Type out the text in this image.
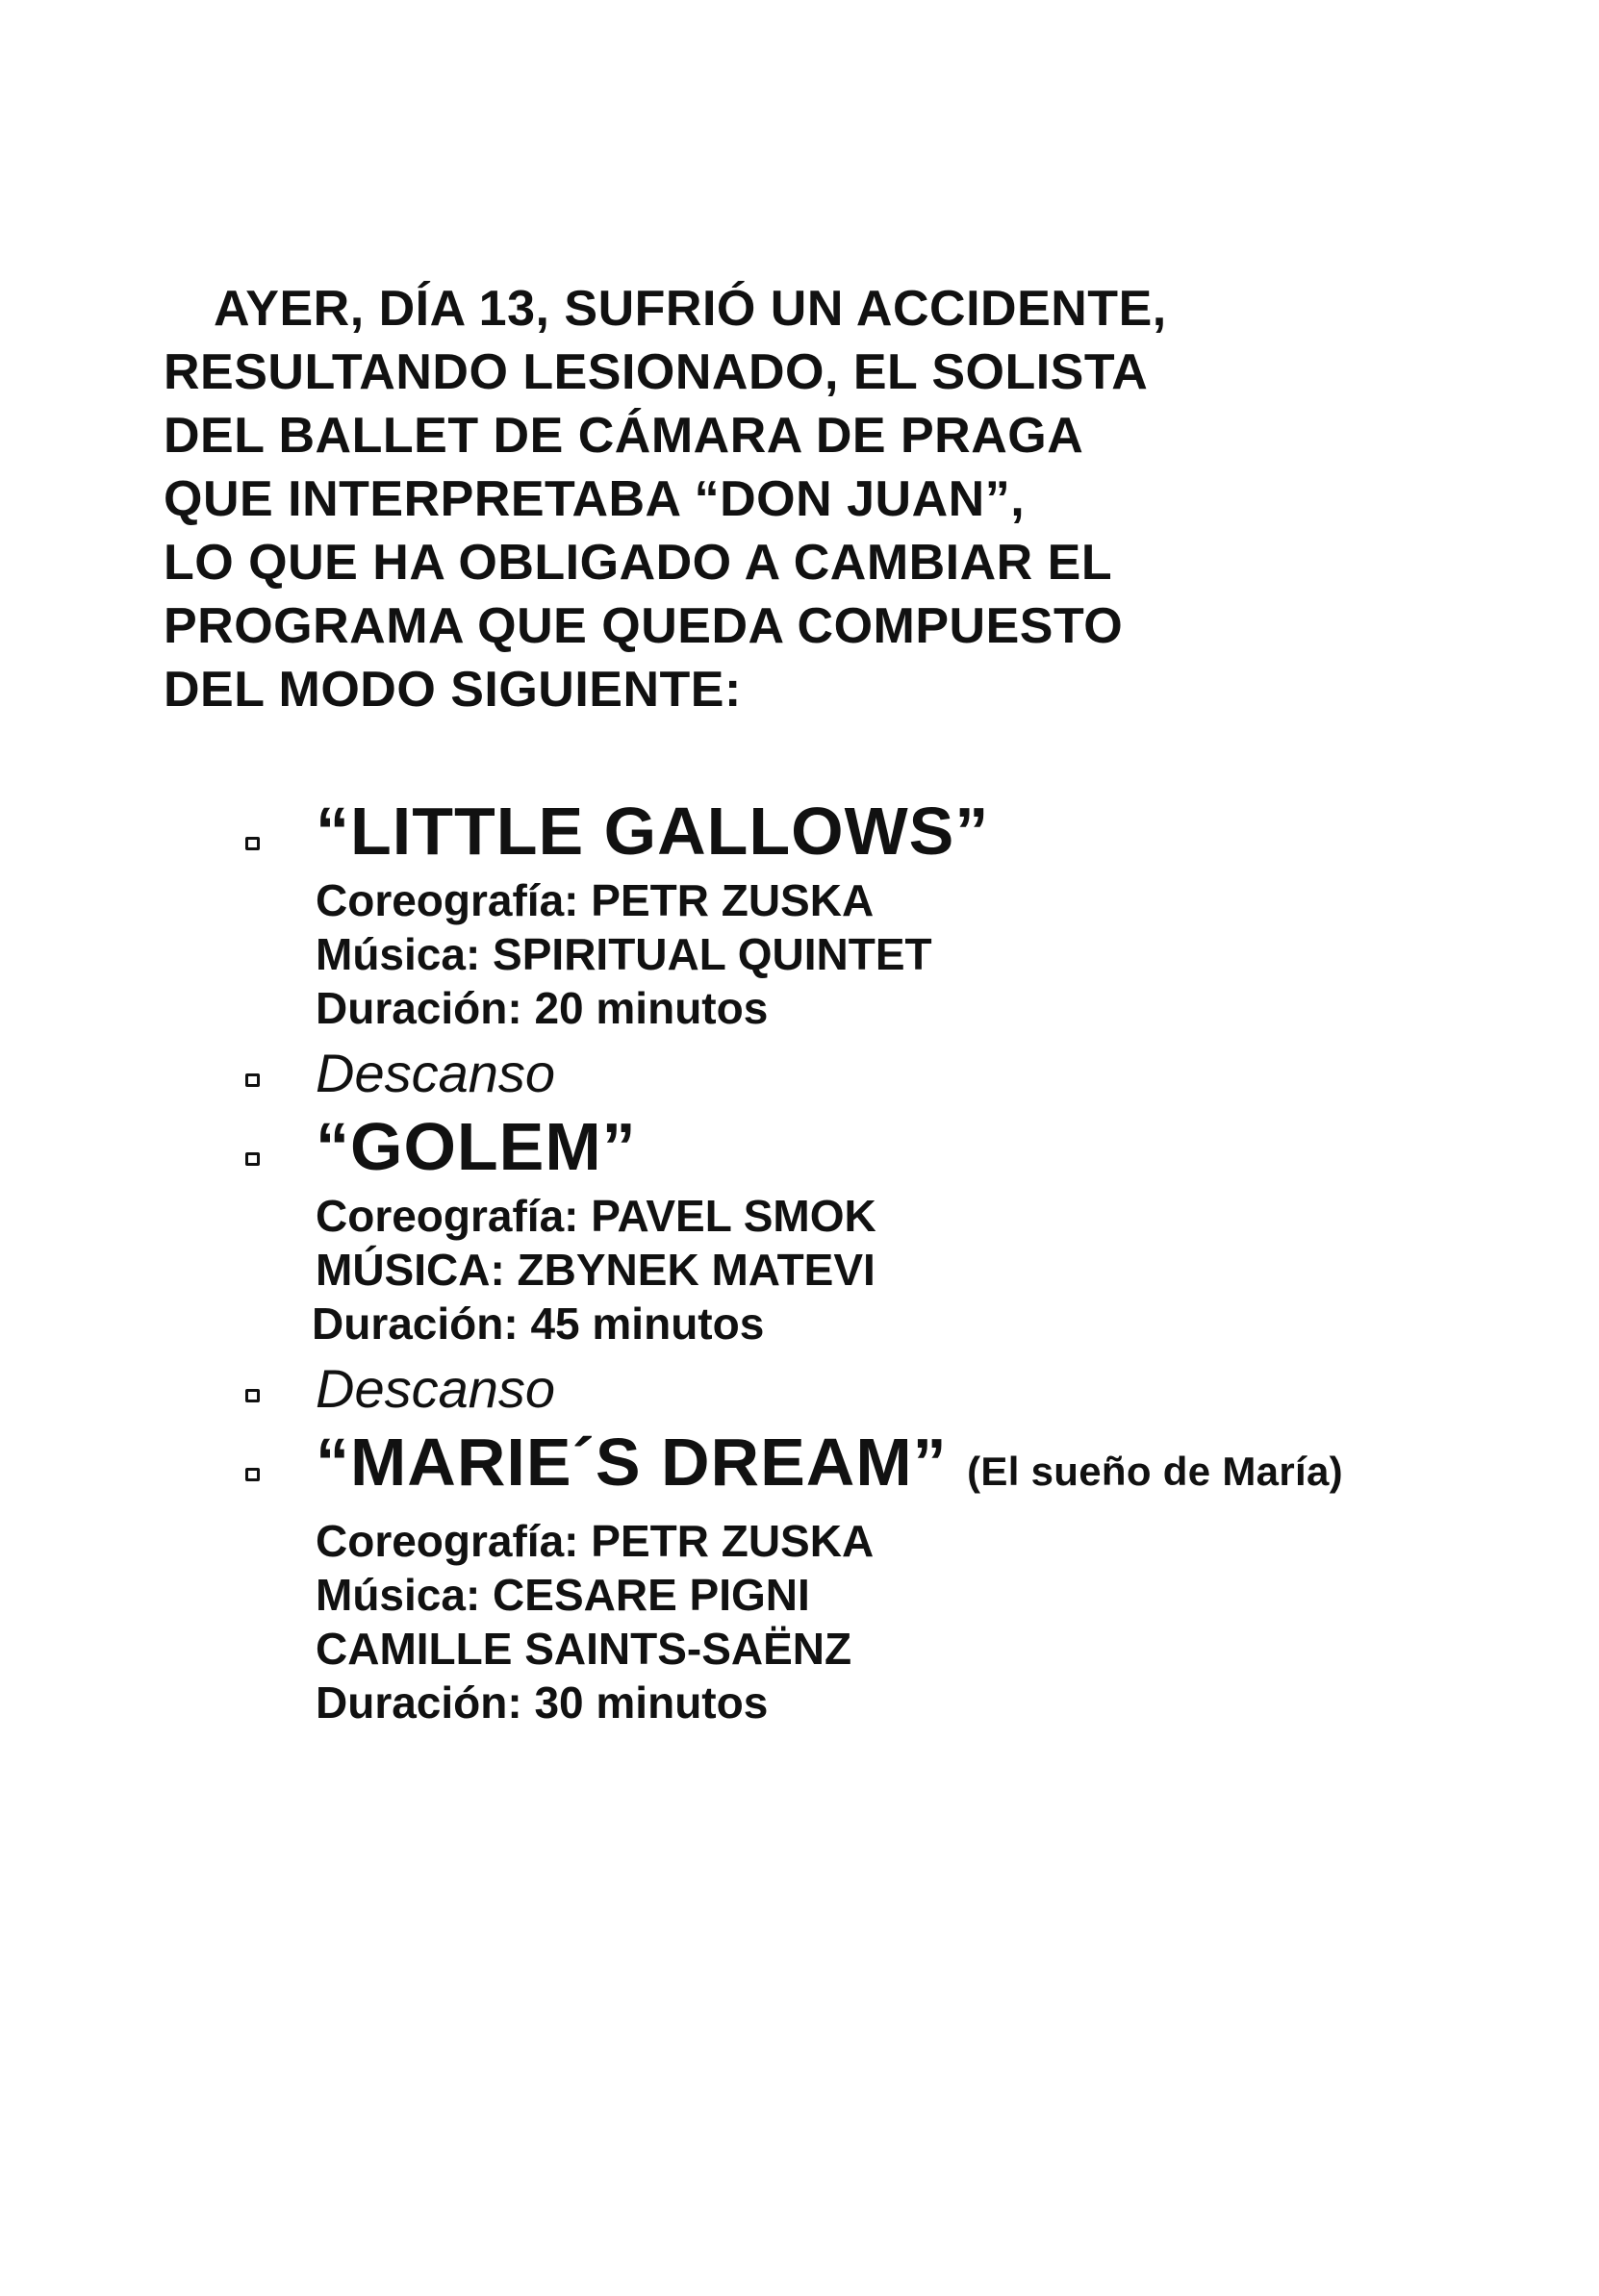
AYER, DÍA 13, SUFRIÓ UN ACCIDENTE,
RESULTANDO LESIONADO, EL SOLISTA
DEL BALLET DE CÁMARA DE PRAGA
QUE INTERPRETABA “DON JUAN”,
LO QUE HA OBLIGADO A CAMBIAR EL
PROGRAMA QUE QUEDA COMPUESTO
DEL MODO SIGUIENTE:
“LITTLE GALLOWS”
Coreografía: PETR ZUSKA
Música: SPIRITUAL QUINTET
Duración: 20 minutos
Descanso
“GOLEM”
Coreografía: PAVEL SMOK
MÚSICA: ZBYNEK MATEVI
Duración: 45 minutos
Descanso
“MARIE´S DREAM” (El sueño de María)
Coreografía: PETR ZUSKA
Música: CESARE PIGNI
CAMILLE SAINTS-SAËNZ
Duración: 30 minutos
